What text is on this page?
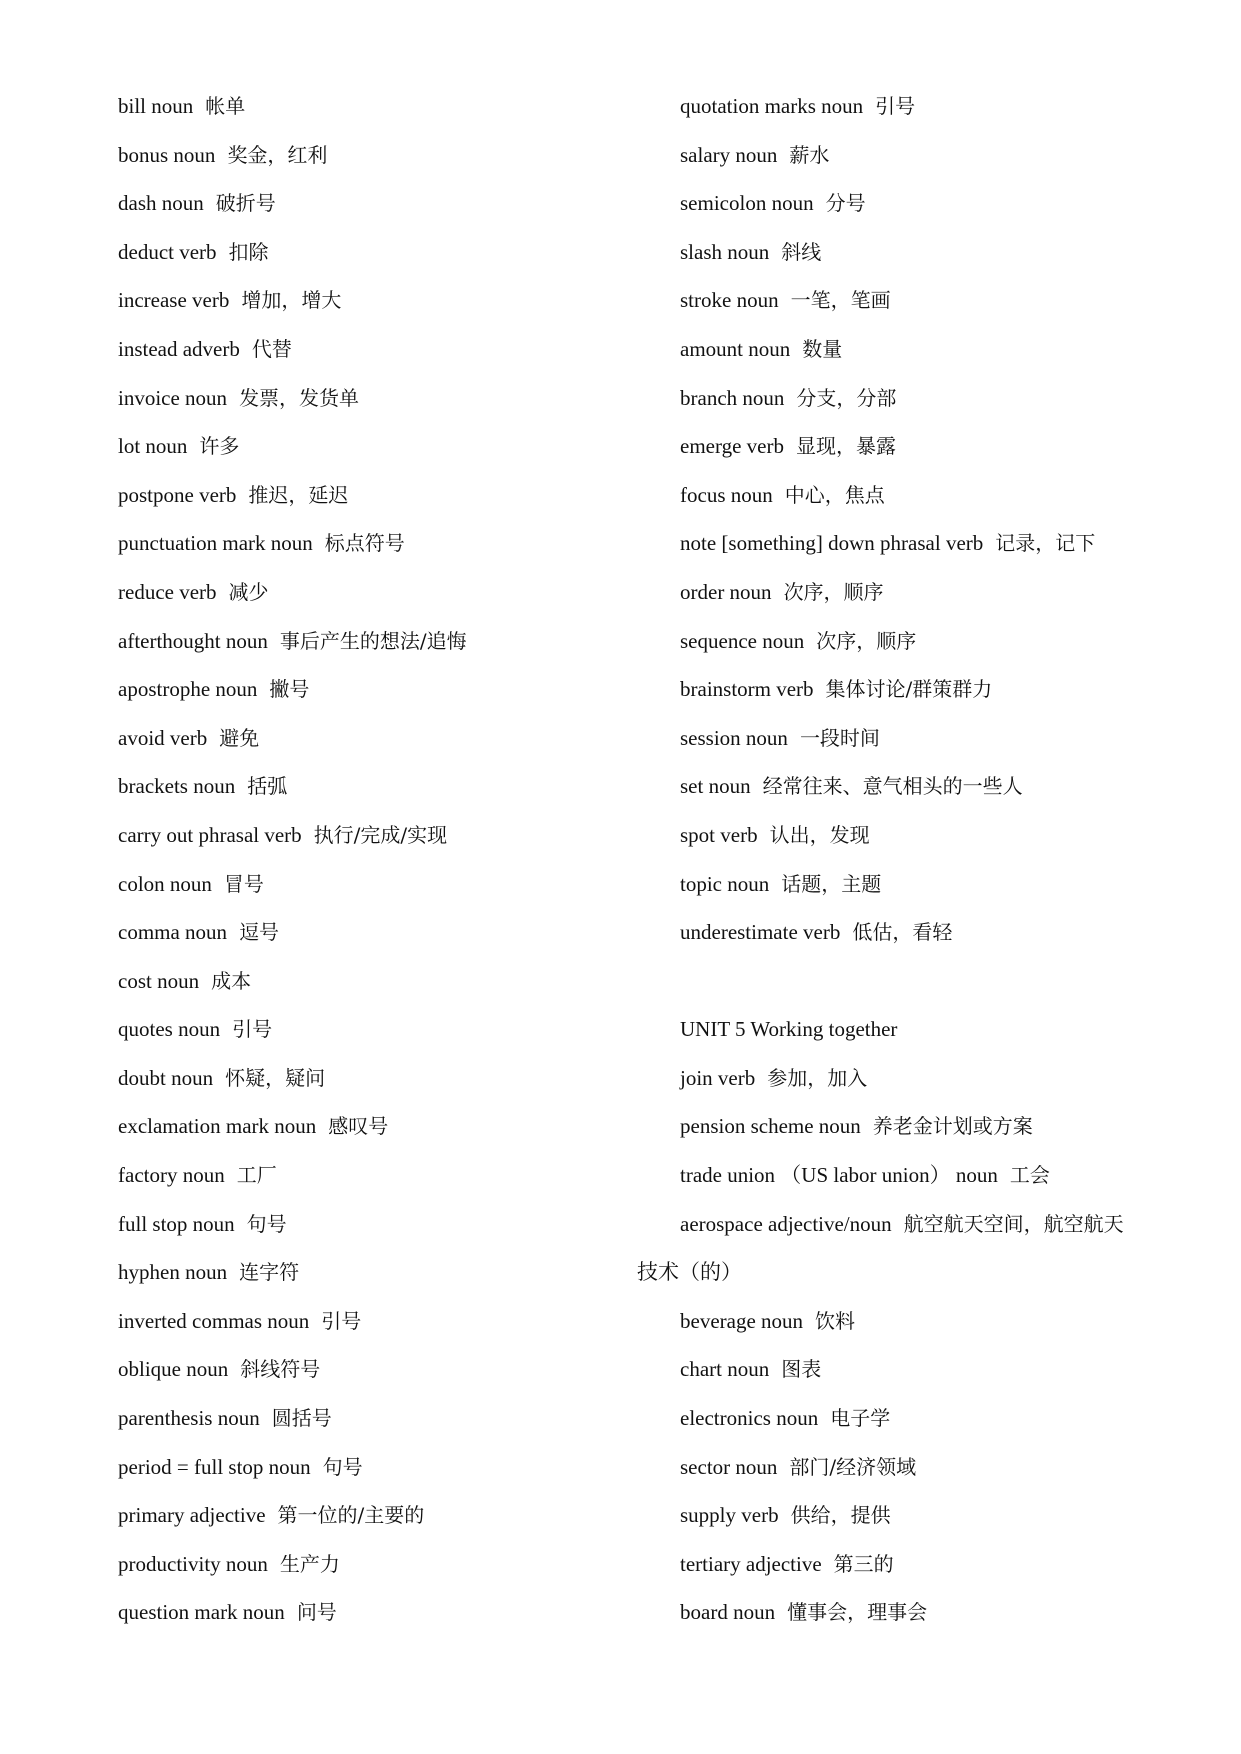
bill noun 帐单
bonus noun 奖金，红利
dash noun 破折号
deduct verb 扣除
increase verb 增加，增大
instead adverb 代替
invoice noun 发票，发货单
lot noun 许多
postpone verb 推迟，延迟
punctuation mark noun 标点符号
reduce verb 减少
afterthought noun 事后产生的想法/追悔
apostrophe noun 撇号
avoid verb 避免
brackets noun 括弧
carry out phrasal verb 执行/完成/实现
colon noun 冒号
comma noun 逗号
cost noun 成本
quotes noun 引号
doubt noun 怀疑，疑问
exclamation mark noun 感叹号
factory noun 工厂
full stop noun 句号
hyphen noun 连字符
inverted commas noun 引号
oblique noun 斜线符号
parenthesis noun 圆括号
period = full stop noun 句号
primary adjective 第一位的/主要的
productivity noun 生产力
question mark noun 问号
quotation marks noun 引号
salary noun 薪水
semicolon noun 分号
slash noun 斜线
stroke noun 一笔，笔画
amount noun 数量
branch noun 分支，分部
emerge verb 显现，暴露
focus noun 中心，焦点
note [something] down phrasal verb 记录，记下
order noun 次序，顺序
sequence noun 次序，顺序
brainstorm verb 集体讨论/群策群力
session noun 一段时间
set noun 经常往来、意气相头的一些人
spot verb 认出，发现
topic noun 话题，主题
underestimate verb 低估，看轻
UNIT 5 Working together
join verb 参加，加入
pension scheme noun 养老金计划或方案
trade union （US labor union） noun 工会
aerospace adjective/noun 航空航天空间，航空航天
技术（的）
beverage noun 饮料
chart noun 图表
electronics noun 电子学
sector noun 部门/经济领域
supply verb 供给，提供
tertiary adjective 第三的
board noun 懂事会，理事会
